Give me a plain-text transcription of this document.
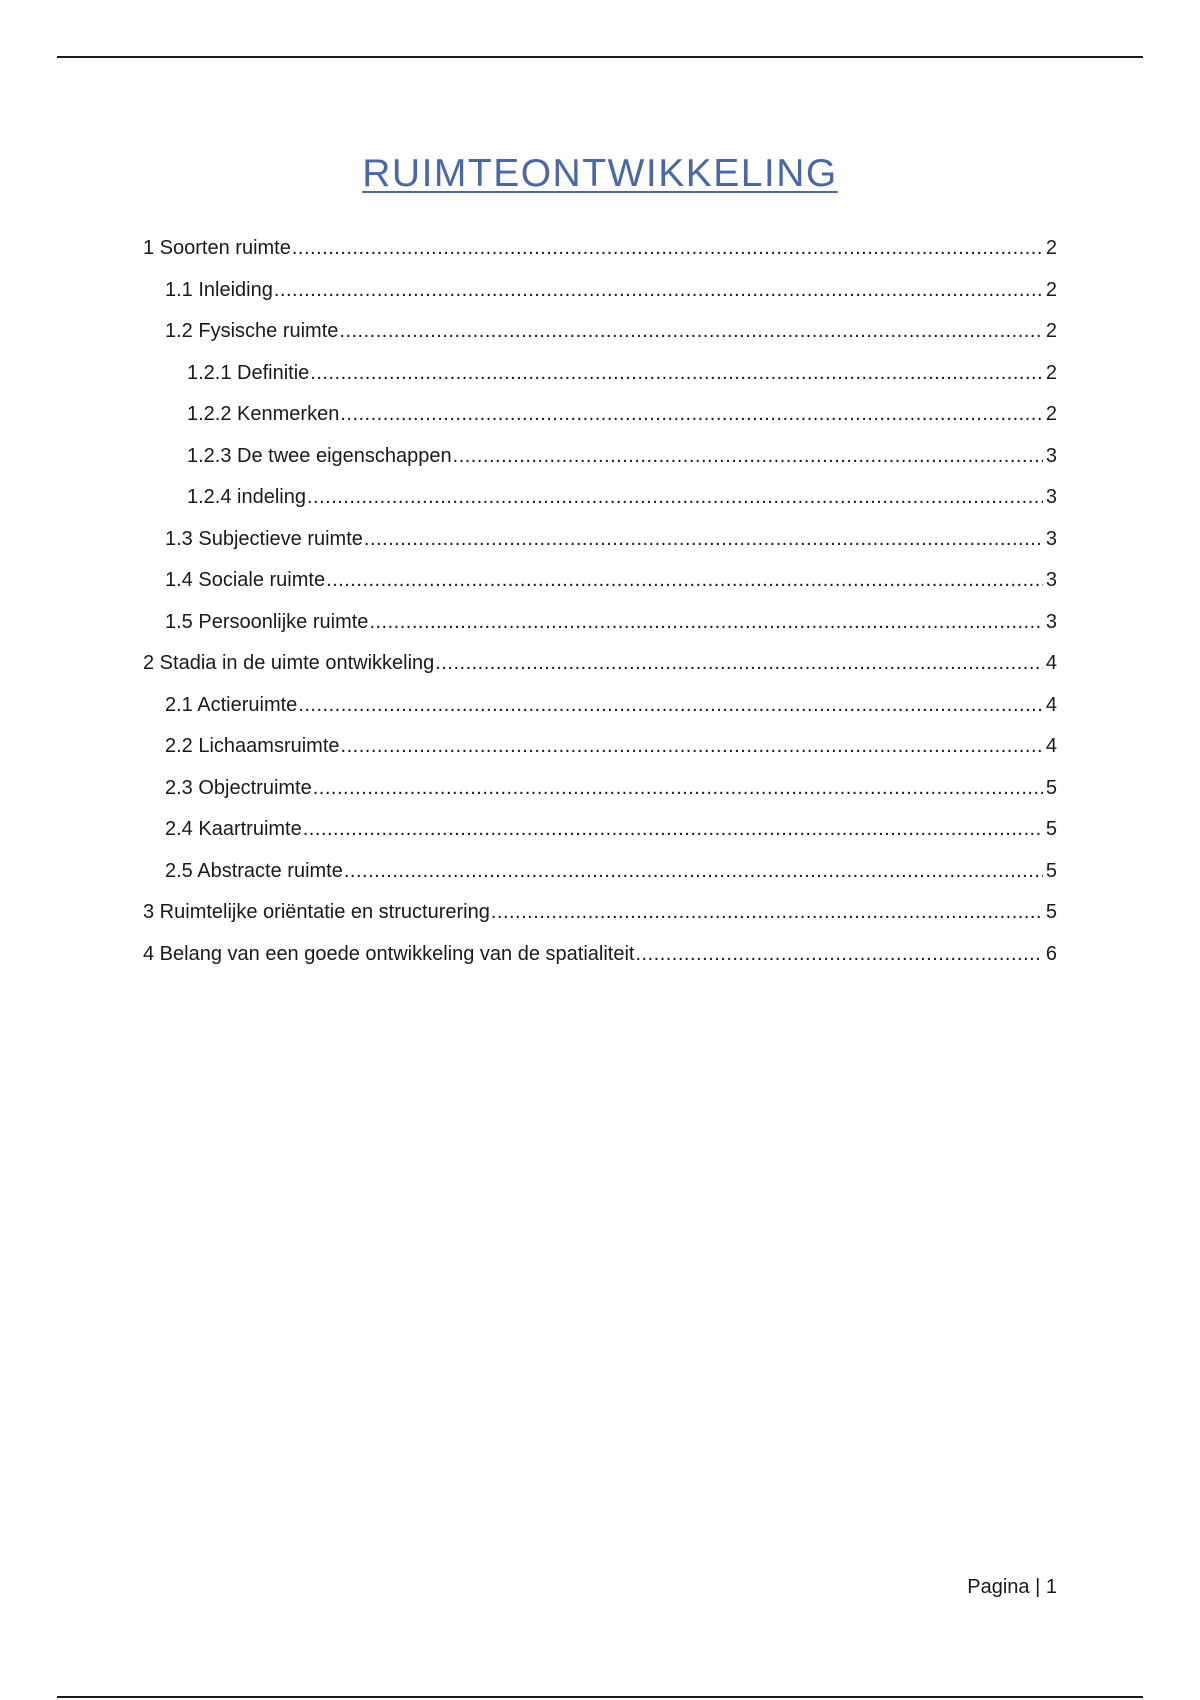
RUIMTEONTWIKKELING
1 Soorten ruimte .....	2
1.1 Inleiding .....	2
1.2 Fysische ruimte .....	2
1.2.1 Definitie .....	2
1.2.2 Kenmerken .....	2
1.2.3 De twee eigenschappen .....	3
1.2.4 indeling .....	3
1.3 Subjectieve ruimte .....	3
1.4 Sociale ruimte .....	3
1.5 Persoonlijke ruimte .....	3
2 Stadia in de uimte ontwikkeling .....	4
2.1 Actieruimte .....	4
2.2 Lichaamsruimte .....	4
2.3 Objectruimte .....	5
2.4 Kaartruimte .....	5
2.5 Abstracte ruimte .....	5
3 Ruimtelijke oriëntatie en structurering .....	5
4 Belang van een goede ontwikkeling van de spatialiteit .....	6
Pagina | 1
